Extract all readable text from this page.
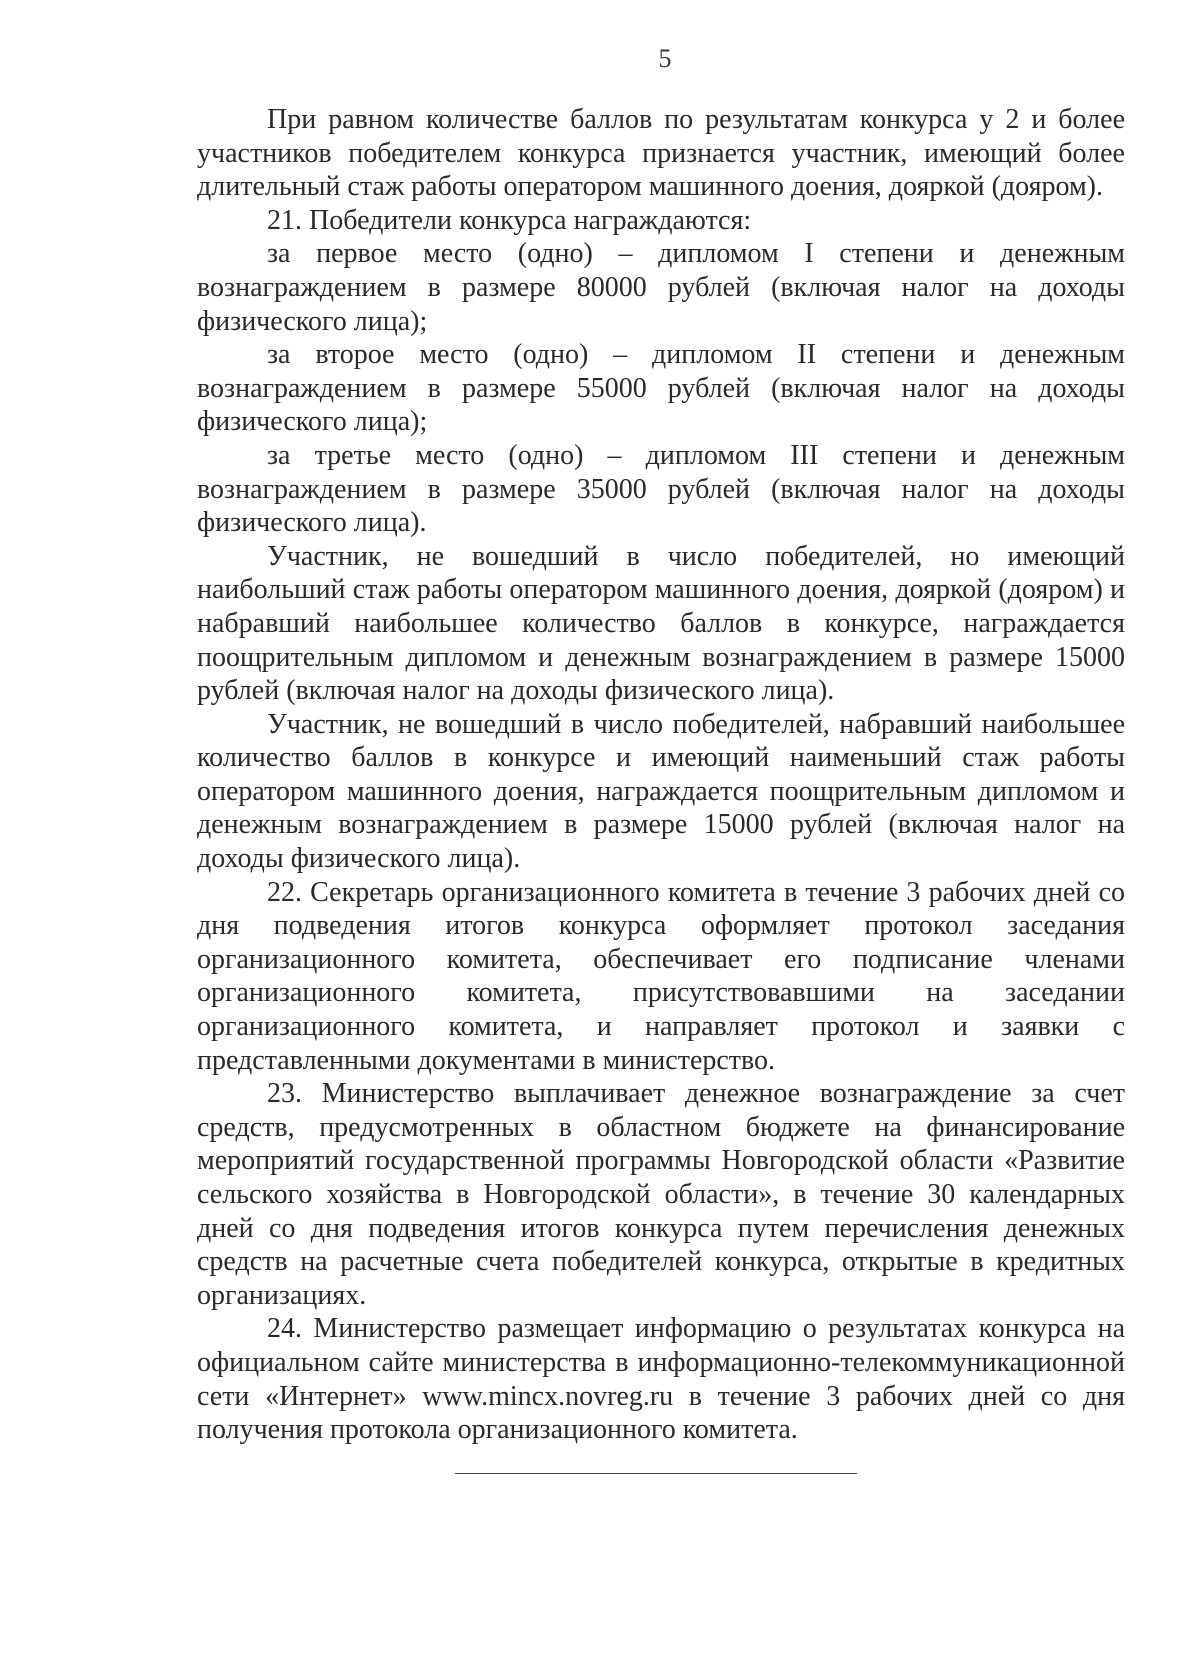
5

При равном количестве баллов по результатам конкурса у 2 и более участников победителем конкурса признается участник, имеющий более длительный стаж работы оператором машинного доения, дояркой (дояром).

21. Победители конкурса награждаются:

за первое место (одно) – дипломом I степени и денежным вознаграждением в размере 80000 рублей (включая налог на доходы физического лица);

за второе место (одно) – дипломом II степени и денежным вознаграждением в размере 55000 рублей (включая налог на доходы физического лица);

за третье место (одно) – дипломом III степени и денежным вознаграждением в размере 35000 рублей (включая налог на доходы физического лица).

Участник, не вошедший в число победителей, но имеющий наибольший стаж работы оператором машинного доения, дояркой (дояром) и набравший наибольшее количество баллов в конкурсе, награждается поощрительным дипломом и денежным вознаграждением в размере 15000 рублей (включая налог на доходы физического лица).

Участник, не вошедший в число победителей, набравший наибольшее количество баллов в конкурсе и имеющий наименьший стаж работы оператором машинного доения, награждается поощрительным дипломом и денежным вознаграждением в размере 15000 рублей (включая налог на доходы физического лица).

22. Секретарь организационного комитета в течение 3 рабочих дней со дня подведения итогов конкурса оформляет протокол заседания организационного комитета, обеспечивает его подписание членами организационного комитета, присутствовавшими на заседании организационного комитета, и направляет протокол и заявки с представленными документами в министерство.

23. Министерство выплачивает денежное вознаграждение за счет средств, предусмотренных в областном бюджете на финансирование мероприятий государственной программы Новгородской области «Развитие сельского хозяйства в Новгородской области», в течение 30 календарных дней со дня подведения итогов конкурса путем перечисления денежных средств на расчетные счета победителей конкурса, открытые в кредитных организациях.

24. Министерство размещает информацию о результатах конкурса на официальном сайте министерства в информационно-телекоммуникационной сети «Интернет» www.mincx.novreg.ru в течение 3 рабочих дней со дня получения протокола организационного комитета.
